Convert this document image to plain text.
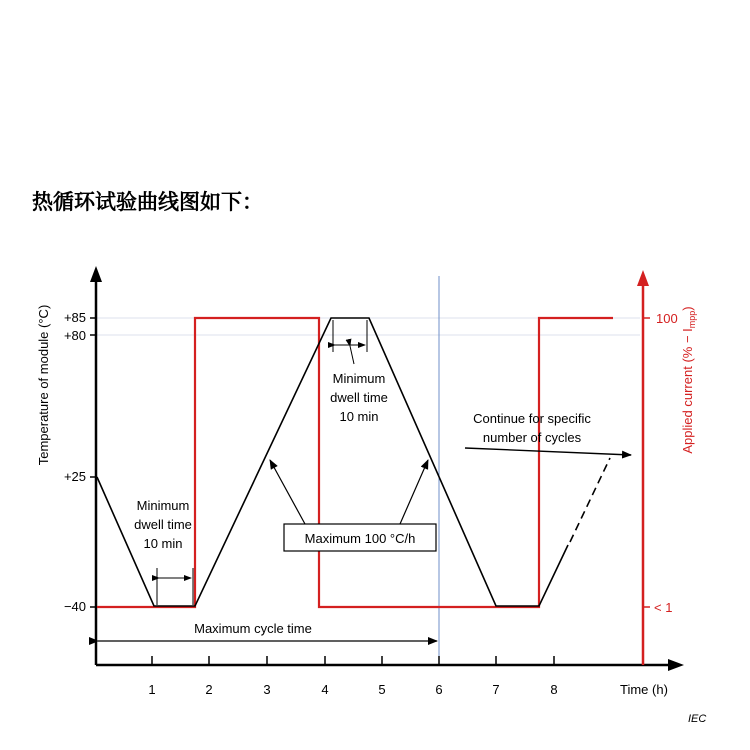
热循环试验曲线图如下：
1	2	3	4	5	6	7	8	Time (h)
+85
+80
+25
−40
Temperature of module (°C)	100
< 1
Applied current (% − $I_{mpp}$)
Minimum
dwell time
10 min
Minimum
dwell time
10 min	Continue for specific
number of cycles
Maximum cycle time
Maximum 100 °C/h
IEC
